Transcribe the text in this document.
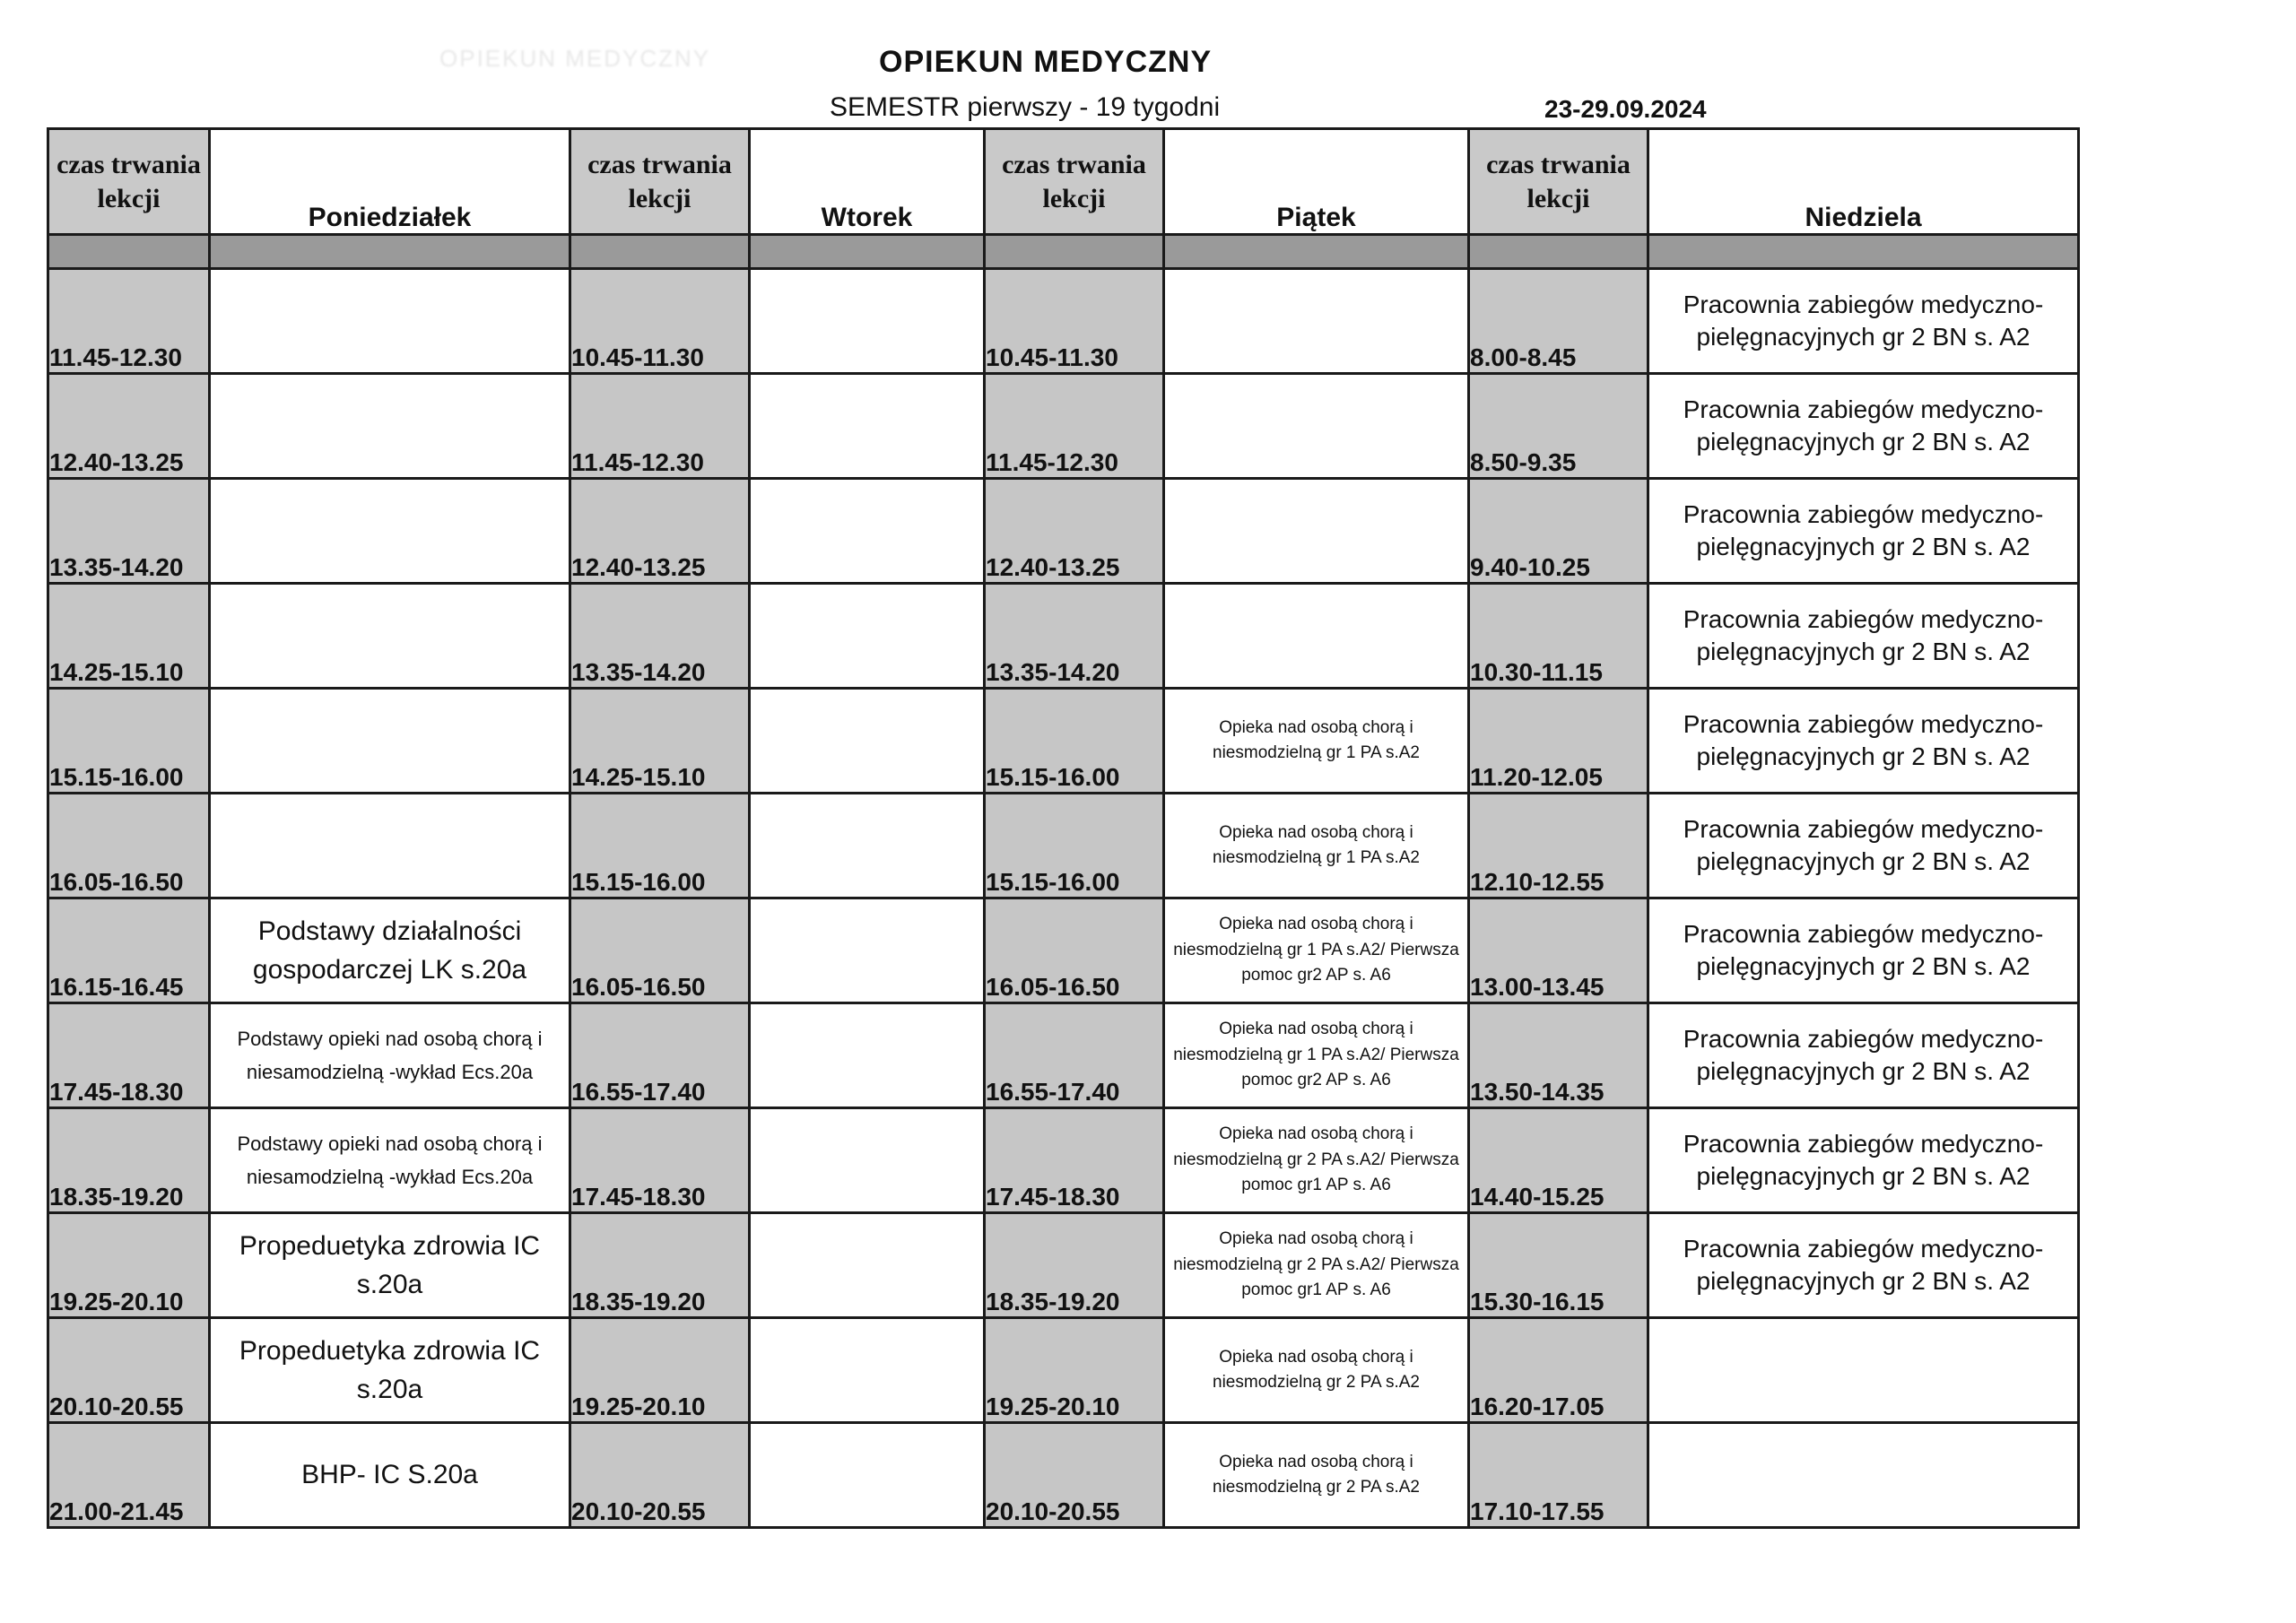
OPIEKUN MEDYCZNY	OPIEKUN MEDYCZNY
SEMESTR pierwszy - 19 tygodni	23-29.09.2024
czas trwania lekcji	Poniedziałek	czas trwania lekcji	Wtorek	czas trwania lekcji	Piątek	czas trwania lekcji	Niedziela

11.45-12.30		10.45-11.30		10.45-11.30		8.00-8.45	Pracownia zabiegów medyczno-pielęgnacyjnych gr 2 BN s. A2
12.40-13.25		11.45-12.30		11.45-12.30		8.50-9.35	Pracownia zabiegów medyczno-pielęgnacyjnych gr 2 BN s. A2
13.35-14.20		12.40-13.25		12.40-13.25		9.40-10.25	Pracownia zabiegów medyczno-pielęgnacyjnych gr 2 BN s. A2
14.25-15.10		13.35-14.20		13.35-14.20		10.30-11.15	Pracownia zabiegów medyczno-pielęgnacyjnych gr 2 BN s. A2
15.15-16.00		14.25-15.10		15.15-16.00	Opieka nad osobą chorą i niesmodzielną gr 1 PA s.A2	11.20-12.05	Pracownia zabiegów medyczno-pielęgnacyjnych gr 2 BN s. A2
16.05-16.50		15.15-16.00		15.15-16.00	Opieka nad osobą chorą i niesmodzielną gr 1 PA s.A2	12.10-12.55	Pracownia zabiegów medyczno-pielęgnacyjnych gr 2 BN s. A2
16.15-16.45	Podstawy działalności gospodarczej LK s.20a	16.05-16.50		16.05-16.50	Opieka nad osobą chorą i niesmodzielną gr 1 PA s.A2/ Pierwsza pomoc gr2 AP s. A6	13.00-13.45	Pracownia zabiegów medyczno-pielęgnacyjnych gr 2 BN s. A2
17.45-18.30	Podstawy opieki nad osobą chorą i niesamodzielną -wykład Ecs.20a	16.55-17.40		16.55-17.40	Opieka nad osobą chorą i niesmodzielną gr 1 PA s.A2/ Pierwsza pomoc gr2 AP s. A6	13.50-14.35	Pracownia zabiegów medyczno-pielęgnacyjnych gr 2 BN s. A2
18.35-19.20	Podstawy opieki nad osobą chorą i niesamodzielną -wykład Ecs.20a	17.45-18.30		17.45-18.30	Opieka nad osobą chorą i niesmodzielną gr 2 PA s.A2/ Pierwsza pomoc gr1 AP s. A6	14.40-15.25	Pracownia zabiegów medyczno-pielęgnacyjnych gr 2 BN s. A2
19.25-20.10	Propeduetyka zdrowia IC s.20a	18.35-19.20		18.35-19.20	Opieka nad osobą chorą i niesmodzielną gr 2 PA s.A2/ Pierwsza pomoc gr1 AP s. A6	15.30-16.15	Pracownia zabiegów medyczno-pielęgnacyjnych gr 2 BN s. A2
20.10-20.55	Propeduetyka zdrowia IC s.20a	19.25-20.10		19.25-20.10	Opieka nad osobą chorą i niesmodzielną gr 2 PA s.A2	16.20-17.05	
21.00-21.45	BHP- IC S.20a	20.10-20.55		20.10-20.55	Opieka nad osobą chorą i niesmodzielną gr 2 PA s.A2	17.10-17.55	
